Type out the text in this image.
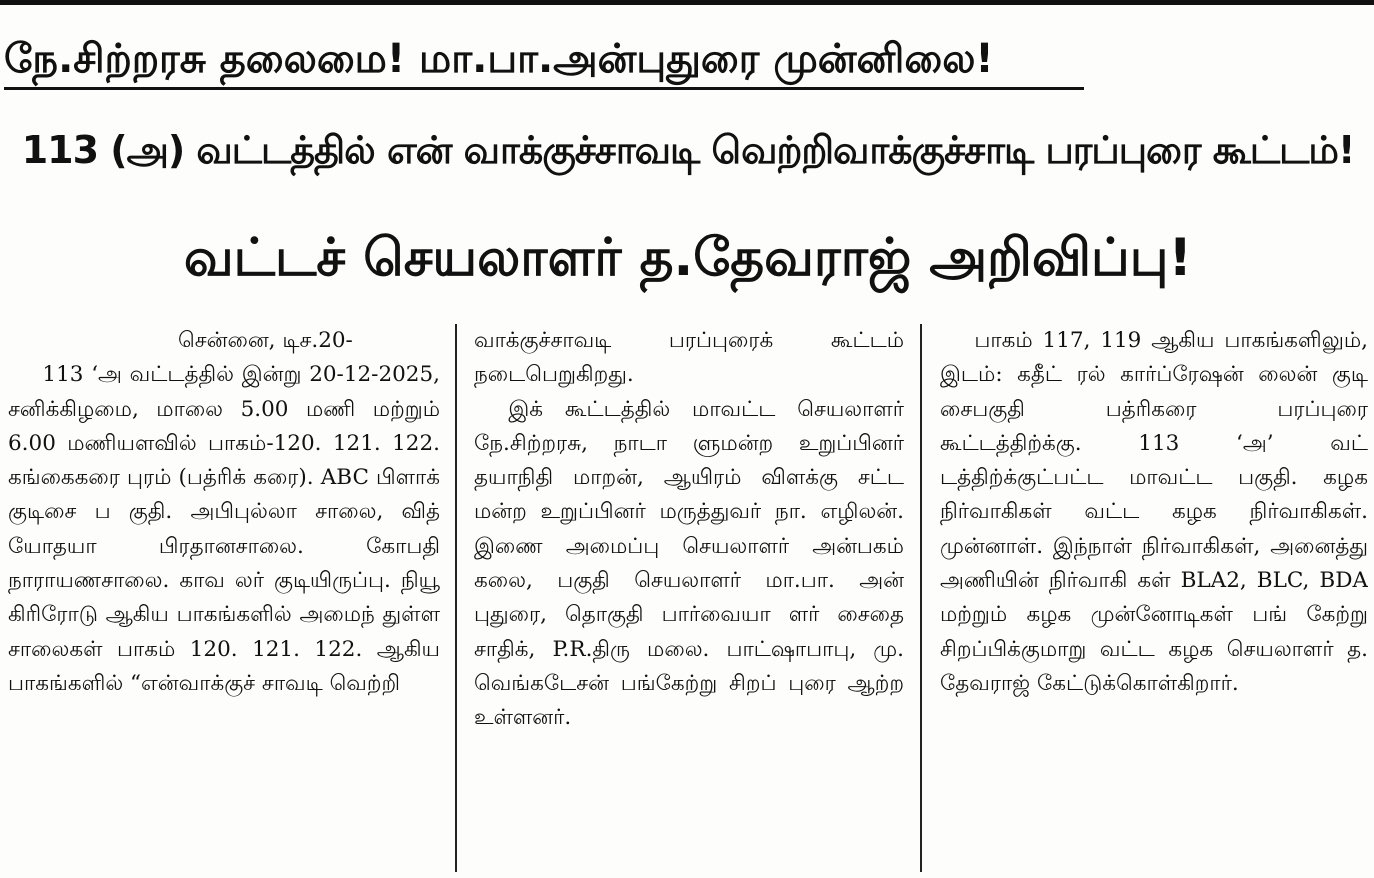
நே.சிற்றரசு தலைமை! மா.பா.அன்புதுரை முன்னிலை!
113 (அ) வட்டத்தில் என் வாக்குச்சாவடி வெற்றிவாக்குச்சாடி பரப்புரை கூட்டம்!
வட்டச் செயலாளர் த.தேவராஜ் அறிவிப்பு!

சென்னை, டிச.20-

113 ‘அ வட்டத்தில் இன்று 20-12-2025, சனிக்கிழமை, மாலை 5.00 மணி மற்றும் 6.00 மணியளவில் பாகம்-120. 121. 122. கங்கைகரை புரம் (பத்ரிக் கரை). ABC பிளாக் குடிசை ப குதி. அபிபுல்லா சாலை, வித் யோதயா பிரதானசாலை. கோபதி நாராயணசாலை. காவ லர் குடியிருப்பு. நியூ கிரிரோடு ஆகிய பாகங்களில் அமைந் துள்ள சாலைகள் பாகம் 120. 121. 122. ஆகிய பாகங்களில் “என்வாக்குச் சாவடி வெற்றி

வாக்குச்சாவடி பரப்புரைக் கூட்டம் நடைபெறுகிறது.

இக் கூட்டத்தில் மாவட்ட செயலாளர் நே.சிற்றரசு, நாடா ளுமன்ற உறுப்பினர் தயாநிதி மாறன், ஆயிரம் விளக்கு சட்ட மன்ற உறுப்பினர் மருத்துவர் நா. எழிலன். இணை அமைப்பு செயலாளர் அன்பகம் கலை, பகுதி செயலாளர் மா.பா. அன் புதுரை, தொகுதி பார்வையா ளர் சைதை சாதிக், P.R.திரு மலை. பாட்ஷாபாபு, மு. வெங்கடேசன் பங்கேற்று சிறப் புரை ஆற்ற உள்ளனர்.

பாகம் 117, 119 ஆகிய பாகங்களிலும், இடம்: கதீட் ரல் கார்ப்ரேஷன் லைன் குடி சைபகுதி பத்ரிகரை பரப்புரை கூட்டத்திற்க்கு. 113 ‘அ’ வட் டத்திற்க்குட்பட்ட மாவட்ட பகுதி. கழக நிர்வாகிகள் வட்ட கழக நிர்வாகிகள். முன்னாள். இந்நாள் நிர்வாகிகள், அனைத்து அணியின் நிர்வாகி கள் BLA2, BLC, BDA மற்றும் கழக முன்னோடிகள் பங் கேற்று சிறப்பிக்குமாறு வட்ட கழக செயலாளர் த. தேவராஜ் கேட்டுக்கொள்கிறார்.
